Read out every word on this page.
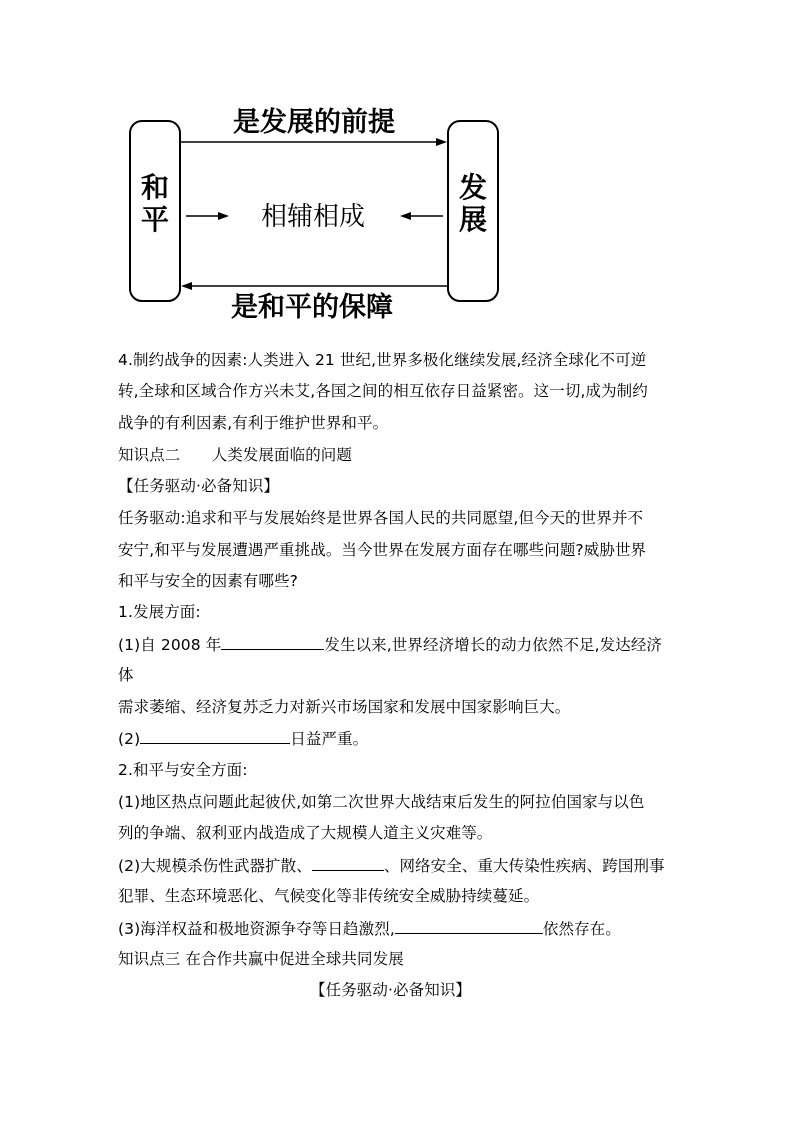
和
平
发
展
是发展的前提
相辅相成
是和平的保障
4.制约战争的因素:人类进入 21 世纪,世界多极化继续发展,经济全球化不可逆
转,全球和区域合作方兴未艾,各国之间的相互依存日益紧密。这一切,成为制约
战争的有利因素,有利于维护世界和平。
知识点二　　人类发展面临的问题
【任务驱动·必备知识】
任务驱动:追求和平与发展始终是世界各国人民的共同愿望,但今天的世界并不
安宁,和平与发展遭遇严重挑战。当今世界在发展方面存在哪些问题?威胁世界
和平与安全的因素有哪些?
1.发展方面:
(1)自 2008 年	发生以来,世界经济增长的动力依然不足,发达经济
体
需求萎缩、经济复苏乏力对新兴市场国家和发展中国家影响巨大。
(2)	日益严重。
2.和平与安全方面:
(1)地区热点问题此起彼伏,如第二次世界大战结束后发生的阿拉伯国家与以色
列的争端、叙利亚内战造成了大规模人道主义灾难等。
(2)大规模杀伤性武器扩散、	、网络安全、重大传染性疾病、跨国刑事
犯罪、生态环境恶化、气候变化等非传统安全威胁持续蔓延。
(3)海洋权益和极地资源争夺等日趋激烈,	依然存在。
知识点三 在合作共赢中促进全球共同发展
【任务驱动·必备知识】
